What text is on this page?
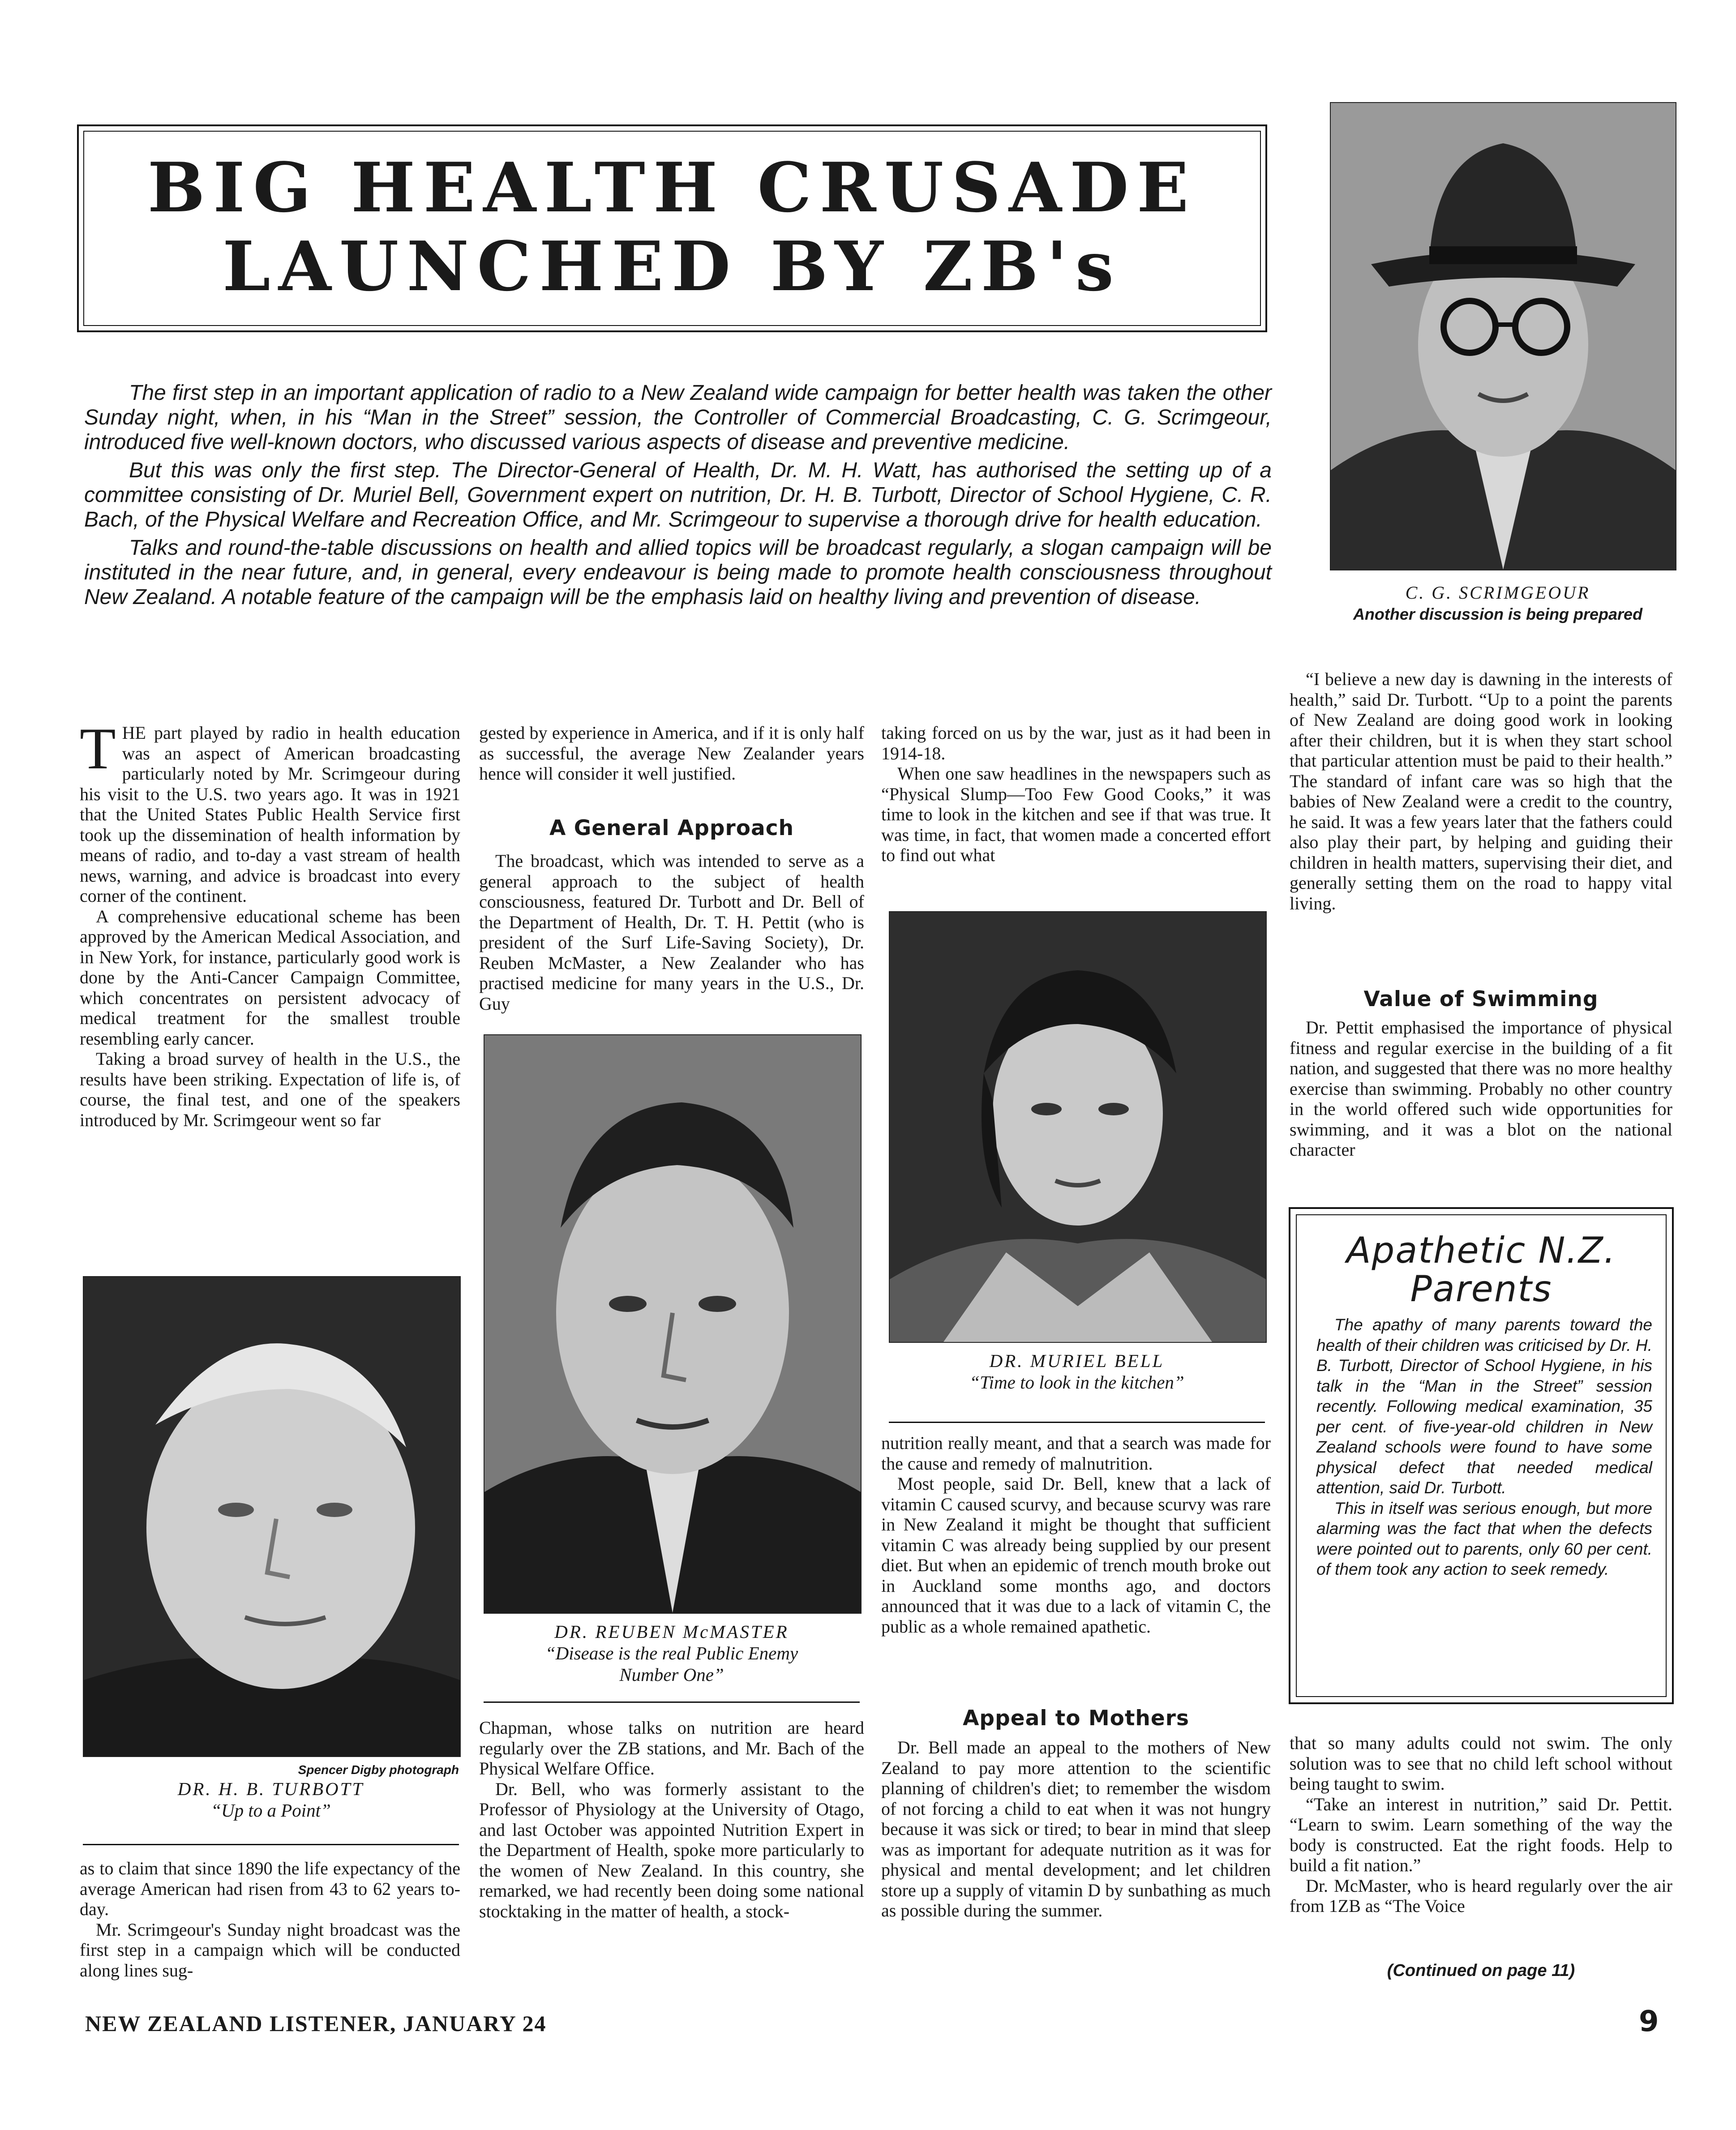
BIG HEALTH CRUSADE
LAUNCHED BY ZB's

The first step in an important application of radio to a New Zealand wide campaign for better health was taken the other Sunday night, when, in his “Man in the Street” session, the Controller of Commercial Broadcasting, C. G. Scrimgeour, introduced five well-known doctors, who discussed various aspects of disease and preventive medicine.

But this was only the first step. The Director-General of Health, Dr. M. H. Watt, has authorised the setting up of a committee consisting of Dr. Muriel Bell, Government expert on nutrition, Dr. H. B. Turbott, Director of School Hygiene, C. R. Bach, of the Physical Welfare and Recreation Office, and Mr. Scrimgeour to supervise a thorough drive for health education.

Talks and round-the-table discussions on health and allied topics will be broadcast regularly, a slogan campaign will be instituted in the near future, and, in general, every endeavour is being made to promote health consciousness throughout New Zealand. A notable feature of the campaign will be the emphasis laid on healthy living and prevention of disease.	C. G. SCRIMGEOUR
Another discussion is being prepared

THE part played by radio in health education was an aspect of American broadcasting particularly noted by Mr. Scrimgeour during his visit to the U.S. two years ago. It was in 1921 that the United States Public Health Service first took up the dissemination of health information by means of radio, and to-day a vast stream of health news, warning, and advice is broadcast into every corner of the continent.

A comprehensive educational scheme has been approved by the American Medical Association, and in New York, for instance, particularly good work is done by the Anti-Cancer Campaign Committee, which concentrates on persistent advocacy of medical treatment for the smallest trouble resembling early cancer.

Taking a broad survey of health in the U.S., the results have been striking. Expectation of life is, of course, the final test, and one of the speakers introduced by Mr. Scrimgeour went so far

Spencer Digby photograph
DR. H. B. TURBOTT
“Up to a Point”

as to claim that since 1890 the life expectancy of the average American had risen from 43 to 62 years to-day.

Mr. Scrimgeour's Sunday night broadcast was the first step in a campaign which will be conducted along lines sug-

gested by experience in America, and if it is only half as successful, the average New Zealander years hence will consider it well justified.

A General Approach

The broadcast, which was intended to serve as a general approach to the subject of health consciousness, featured Dr. Turbott and Dr. Bell of the Department of Health, Dr. T. H. Pettit (who is president of the Surf Life-Saving Society), Dr. Reuben McMaster, a New Zealander who has practised medicine for many years in the U.S., Dr. Guy

DR. REUBEN McMASTER
“Disease is the real Public Enemy Number One”

Chapman, whose talks on nutrition are heard regularly over the ZB stations, and Mr. Bach of the Physical Welfare Office.

Dr. Bell, who was formerly assistant to the Professor of Physiology at the University of Otago, and last October was appointed Nutrition Expert in the Department of Health, spoke more particularly to the women of New Zealand. In this country, she remarked, we had recently been doing some national stocktaking in the matter of health, a stock-

taking forced on us by the war, just as it had been in 1914-18.

When one saw headlines in the newspapers such as “Physical Slump—Too Few Good Cooks,” it was time to look in the kitchen and see if that was true. It was time, in fact, that women made a concerted effort to find out what

DR. MURIEL BELL
“Time to look in the kitchen”

nutrition really meant, and that a search was made for the cause and remedy of malnutrition.

Most people, said Dr. Bell, knew that a lack of vitamin C caused scurvy, and because scurvy was rare in New Zealand it might be thought that sufficient vitamin C was already being supplied by our present diet. But when an epidemic of trench mouth broke out in Auckland some months ago, and doctors announced that it was due to a lack of vitamin C, the public as a whole remained apathetic.

Appeal to Mothers

Dr. Bell made an appeal to the mothers of New Zealand to pay more attention to the scientific planning of children's diet; to remember the wisdom of not forcing a child to eat when it was not hungry because it was sick or tired; to bear in mind that sleep was as important for adequate nutrition as it was for physical and mental development; and let children store up a supply of vitamin D by sunbathing as much as possible during the summer.

“I believe a new day is dawning in the interests of health,” said Dr. Turbott. “Up to a point the parents of New Zealand are doing good work in looking after their children, but it is when they start school that particular attention must be paid to their health.” The standard of infant care was so high that the babies of New Zealand were a credit to the country, he said. It was a few years later that the fathers could also play their part, by helping and guiding their children in health matters, supervising their diet, and generally setting them on the road to happy vital living.

Value of Swimming

Dr. Pettit emphasised the importance of physical fitness and regular exercise in the building of a fit nation, and suggested that there was no more healthy exercise than swimming. Probably no other country in the world offered such wide opportunities for swimming, and it was a blot on the national character

Apathetic N.Z.
Parents

The apathy of many parents toward the health of their children was criticised by Dr. H. B. Turbott, Director of School Hygiene, in his talk in the “Man in the Street” session recently. Following medical examination, 35 per cent. of five-year-old children in New Zealand schools were found to have some physical defect that needed medical attention, said Dr. Turbott.

This in itself was serious enough, but more alarming was the fact that when the defects were pointed out to parents, only 60 per cent. of them took any action to seek remedy.

that so many adults could not swim. The only solution was to see that no child left school without being taught to swim.

“Take an interest in nutrition,” said Dr. Pettit. “Learn to swim. Learn something of the way the body is constructed. Eat the right foods. Help to build a fit nation.”

Dr. McMaster, who is heard regularly over the air from 1ZB as “The Voice

(Continued on page 11)
NEW ZEALAND LISTENER, JANUARY 24	9
